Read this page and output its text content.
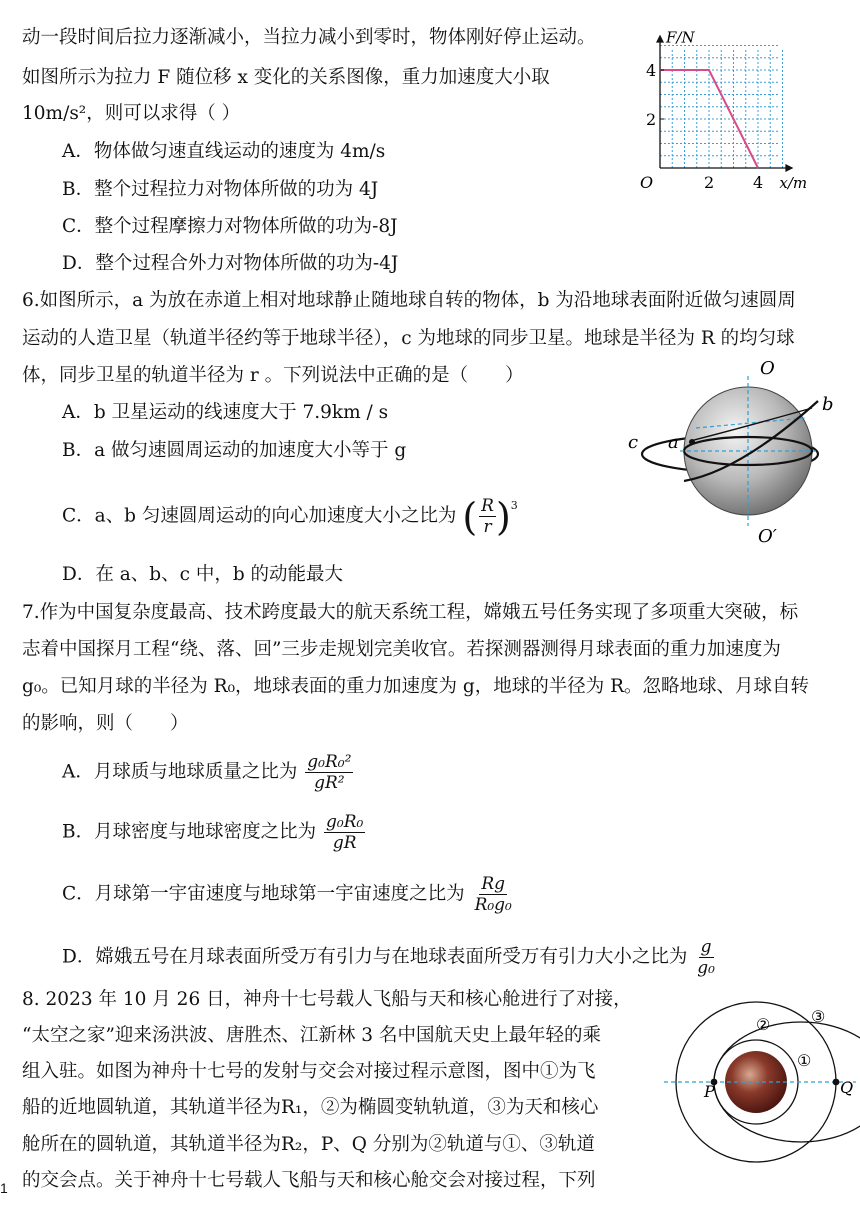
动一段时间后拉力逐渐减小，当拉力减小到零时，物体刚好停止运动。
如图所示为拉力 F 随位移 x 变化的关系图像，重力加速度大小取
10m/s²，则可以求得（ ）
A．物体做匀速直线运动的速度为 4m/s
B．整个过程拉力对物体所做的功为 4J
C．整个过程摩擦力对物体所做的功为-8J
D．整个过程合外力对物体所做的功为-4J
2 4
2
4
O	x/m
F/N
6.如图所示，a 为放在赤道上相对地球静止随地球自转的物体，b 为沿地球表面附近做匀速圆周
运动的人造卫星（轨道半径约等于地球半径），c 为地球的同步卫星。地球是半径为 R 的均匀球
体，同步卫星的轨道半径为 r 。下列说法中正确的是（　　）
A．b 卫星运动的线速度大于 7.9km / s
B．a 做匀速圆周运动的加速度大小等于 g
C．a、b 匀速圆周运动的向心加速度大小之比为 ( $\frac{R}{r}$ ) 3
D．在 a、b、c 中，b 的动能最大
O
O′
a
b
c
7.作为中国复杂度最高、技术跨度最大的航天系统工程，嫦娥五号任务实现了多项重大突破，标
志着中国探月工程“绕、落、回”三步走规划完美收官。若探测器测得月球表面的重力加速度为
g₀。已知月球的半径为 R₀，地球表面的重力加速度为 g，地球的半径为 R。忽略地球、月球自转
的影响，则（　　）
A．月球质与地球质量之比为 $\frac{\text{g₀R₀²}}{\text{gR²}}$
B．月球密度与地球密度之比为 $\frac{\text{g₀R₀}}{gR}$
C．月球第一宇宙速度与地球第一宇宙速度之比为 $\frac{Rg}{\text{R₀g₀}}$
D．嫦娥五号在月球表面所受万有引力与在地球表面所受万有引力大小之比为 $\frac{g}{\text{g₀}}$
8. 2023 年 10 月 26 日，神舟十七号载人飞船与天和核心舱进行了对接，
“太空之家”迎来汤洪波、唐胜杰、江新林 3 名中国航天史上最年轻的乘
组入驻。如图为神舟十七号的发射与交会对接过程示意图，图中①为飞
船的近地圆轨道，其轨道半径为R₁，②为椭圆变轨轨道，③为天和核心
舱所在的圆轨道，其轨道半径为R₂，P、Q 分别为②轨道与①、③轨道
的交会点。关于神舟十七号载人飞船与天和核心舱交会对接过程，下列
P	Q
①
②	③
1
